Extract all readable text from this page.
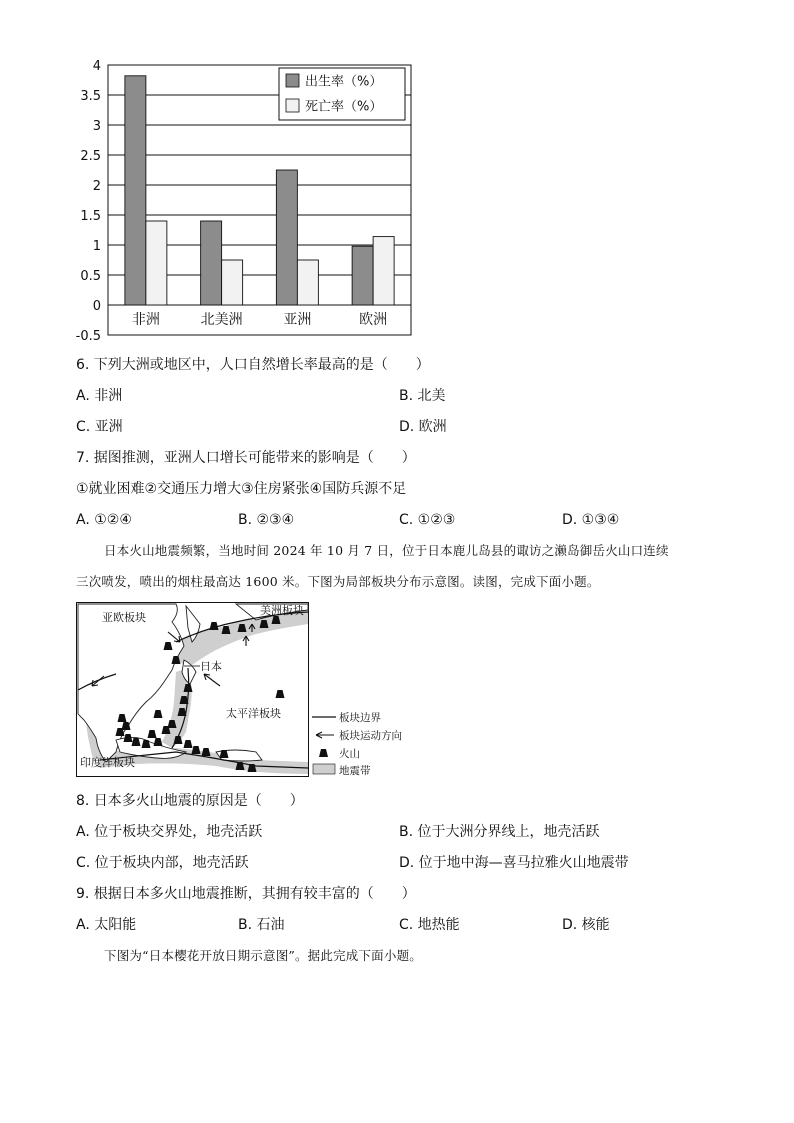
4
3.5
3
2.5
2
1.5
1
0.5
0
-0.5
非洲	北美洲	亚洲	欧洲
出生率（%）
死亡率（%）
6. 下列大洲或地区中，人口自然增长率最高的是（　　）
A. 非洲	B. 北美
C. 亚洲	D. 欧洲
7. 据图推测，亚洲人口增长可能带来的影响是（　　）
①就业困难②交通压力增大③住房紧张④国防兵源不足
A. ①②④	B. ②③④	C. ①②③	D. ①③④
日本火山地震频繁，当地时间 2024 年 10 月 7 日，位于日本鹿儿岛县的诹访之濑岛御岳火山口连续
三次喷发，喷出的烟柱最高达 1600 米。下图为局部板块分布示意图。读图，完成下面小题。
亚欧板块
美洲板块
日本
太平洋板块
印度洋板块
板块边界
板块运动方向
火山
地震带
8. 日本多火山地震的原因是（　　）
A. 位于板块交界处，地壳活跃	B. 位于大洲分界线上，地壳活跃
C. 位于板块内部，地壳活跃	D. 位于地中海—喜马拉雅火山地震带
9. 根据日本多火山地震推断，其拥有较丰富的（　　）
A. 太阳能	B. 石油	C. 地热能	D. 核能
下图为“日本樱花开放日期示意图”。据此完成下面小题。
